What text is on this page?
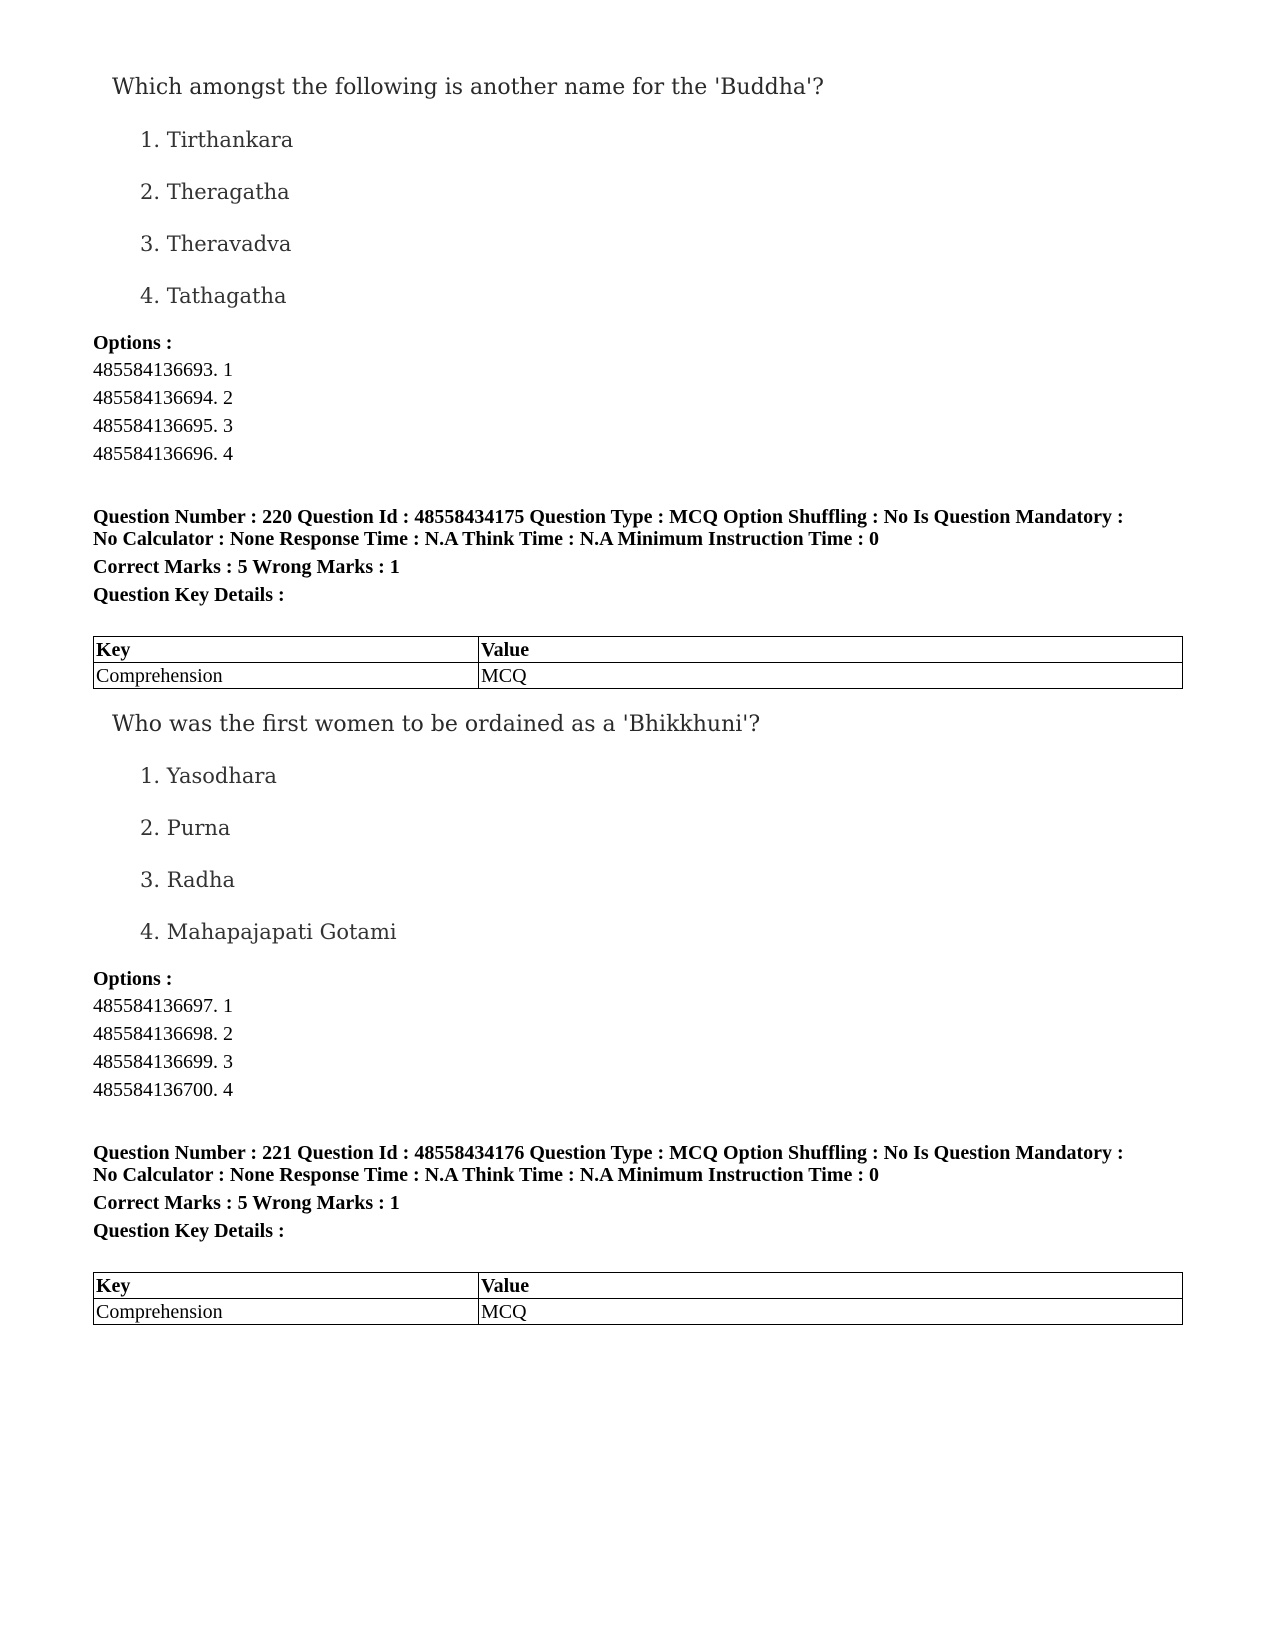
Which amongst the following is another name for the 'Buddha'?
1. Tirthankara
2. Theragatha
3. Theravadva
4. Tathagatha
Options :
485584136693. 1
485584136694. 2
485584136695. 3
485584136696. 4
Question Number : 220 Question Id : 48558434175 Question Type : MCQ Option Shuffling : No Is Question Mandatory :
No Calculator : None Response Time : N.A Think Time : N.A Minimum Instruction Time : 0
Correct Marks : 5 Wrong Marks : 1
Question Key Details :
Key	Value
Comprehension	MCQ
Who was the first women to be ordained as a 'Bhikkhuni'?
1. Yasodhara
2. Purna
3. Radha
4. Mahapajapati Gotami
Options :
485584136697. 1
485584136698. 2
485584136699. 3
485584136700. 4
Question Number : 221 Question Id : 48558434176 Question Type : MCQ Option Shuffling : No Is Question Mandatory :
No Calculator : None Response Time : N.A Think Time : N.A Minimum Instruction Time : 0
Correct Marks : 5 Wrong Marks : 1
Question Key Details :
Key	Value
Comprehension	MCQ
